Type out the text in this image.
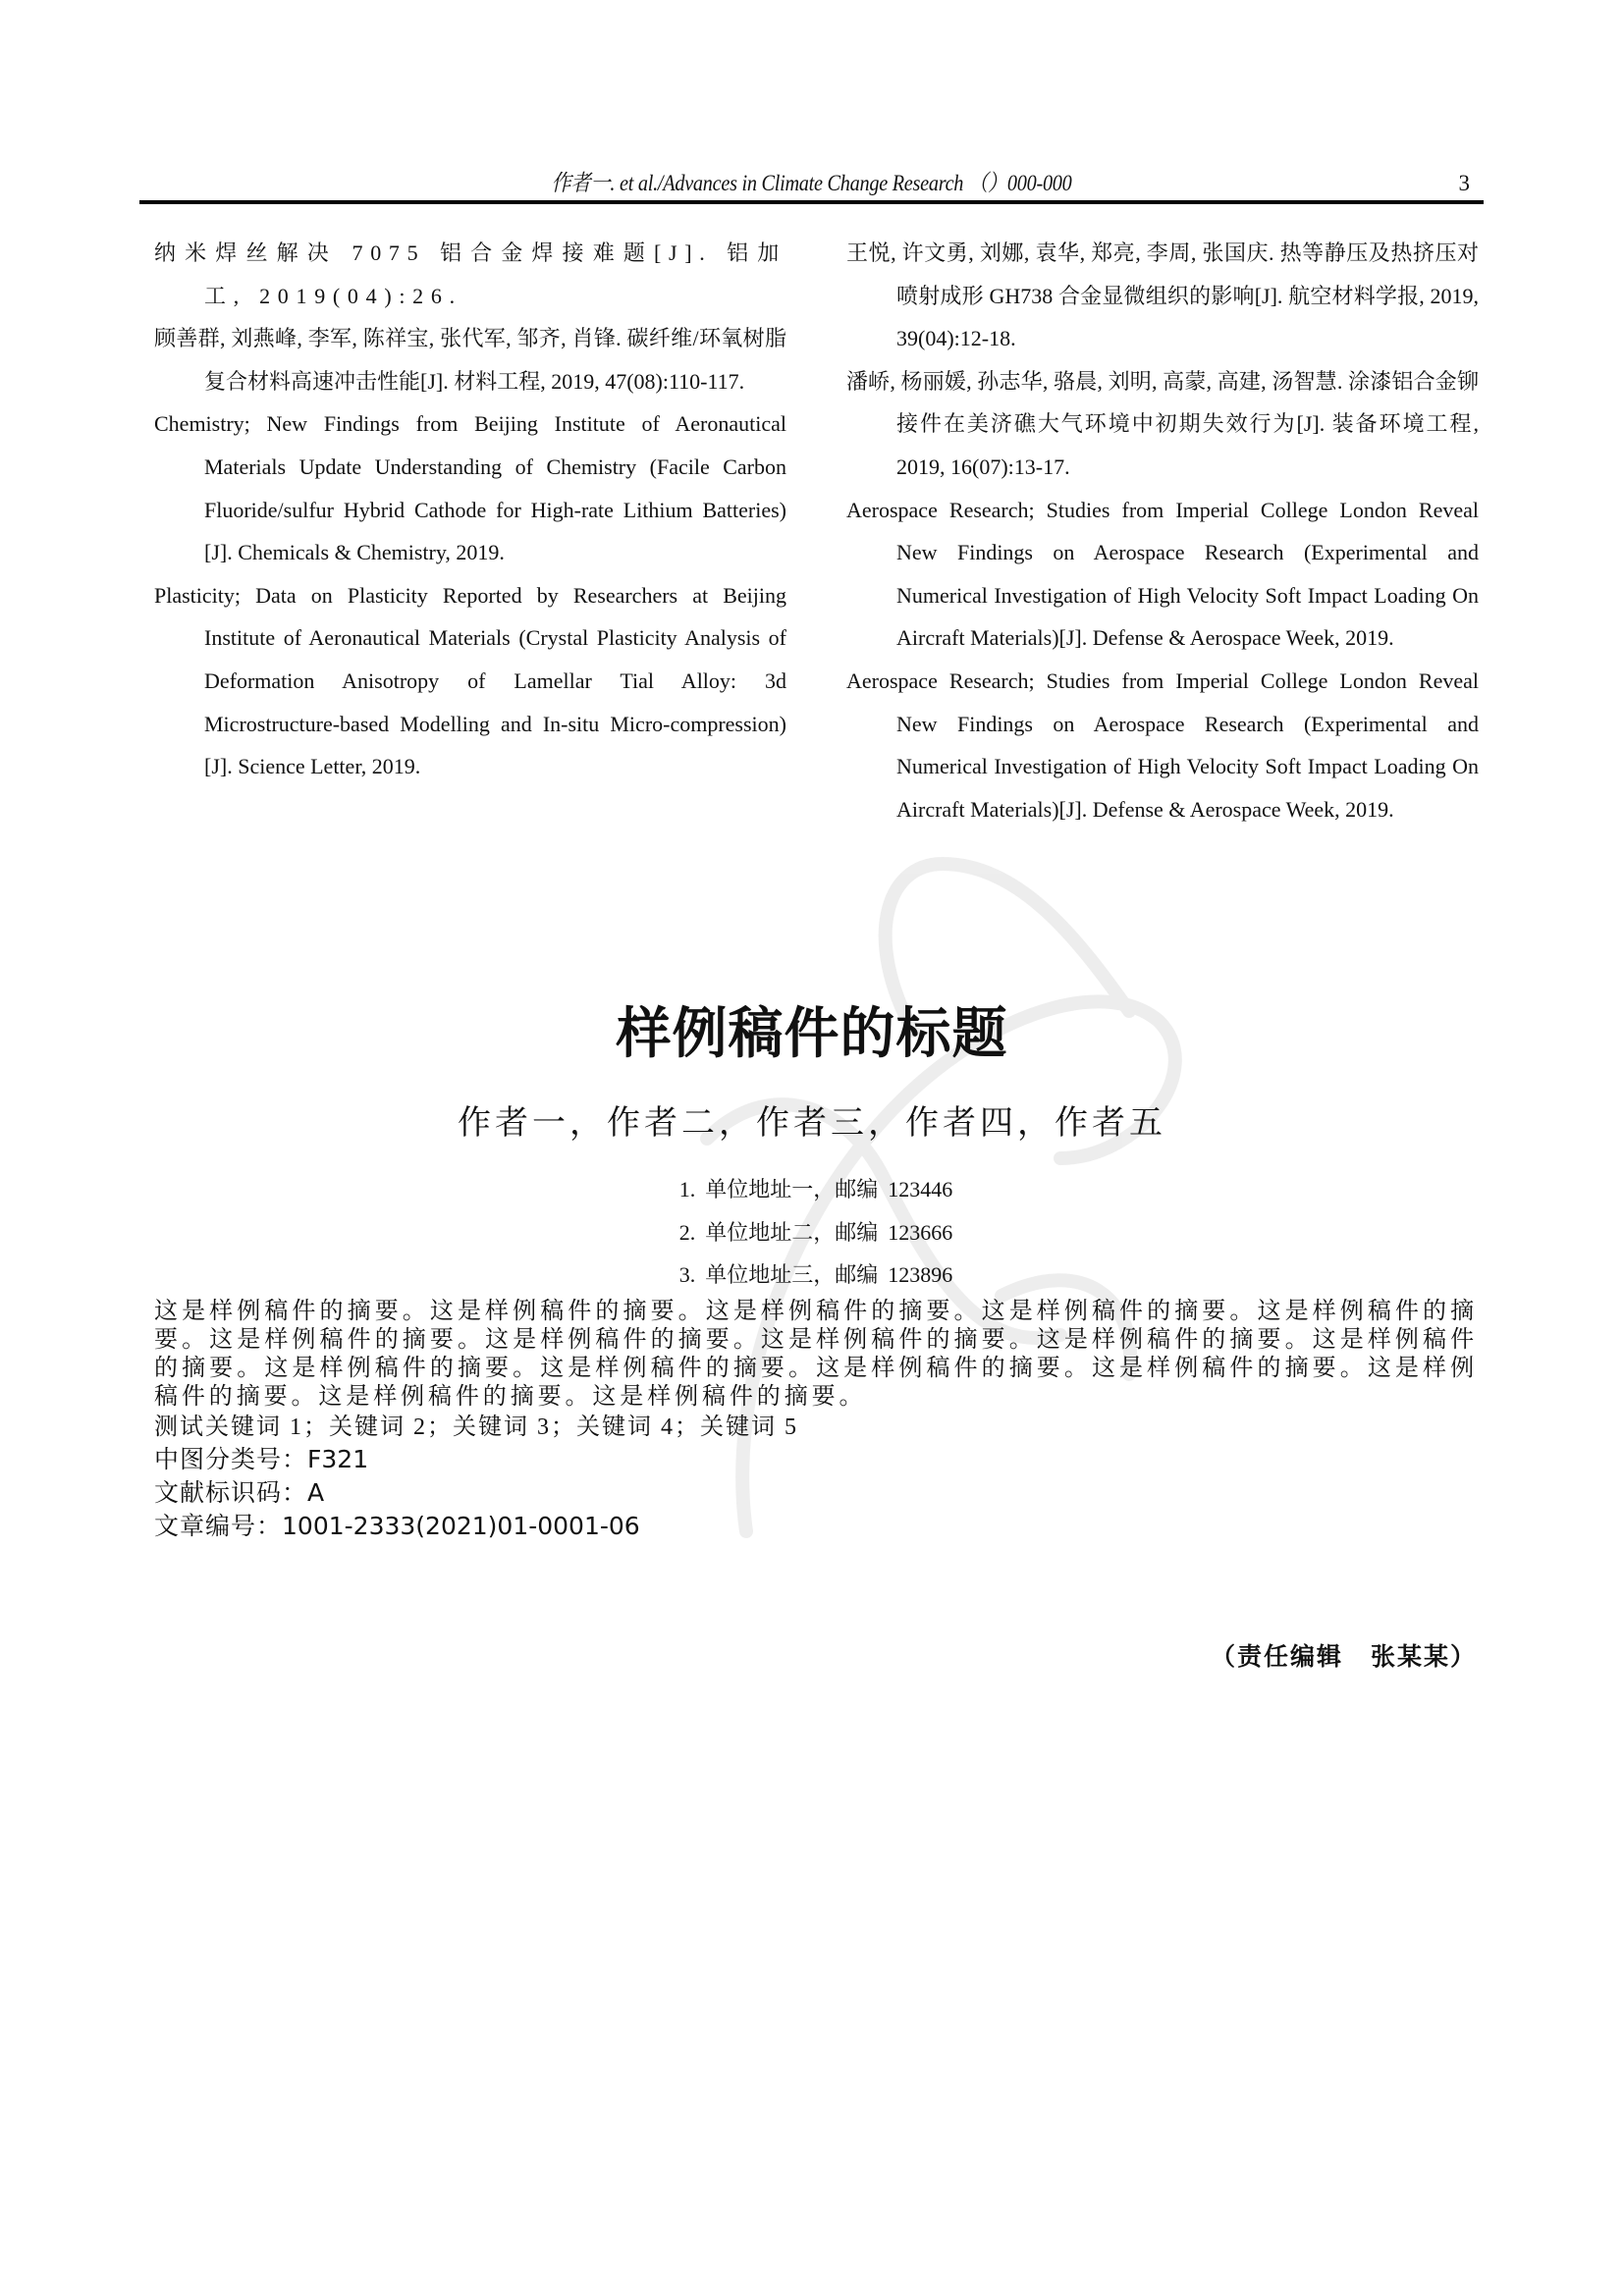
作者一. et al./Advances in Climate Change Research （）000-000	3

纳米焊丝解决 7075 铝合金焊接难题[J]. 铝加工, 2019(04):26.

顾善群, 刘燕峰, 李军, 陈祥宝, 张代军, 邹齐, 肖锋. 碳纤维/环氧树脂复合材料高速冲击性能[J]. 材料工程, 2019, 47(08):110-117.

Chemistry; New Findings from Beijing Institute of Aeronautical Materials Update Understanding of Chemistry (Facile Carbon Fluoride/sulfur Hybrid Cathode for High-rate Lithium Batteries)[J]. Chemicals & Chemistry, 2019.

Plasticity; Data on Plasticity Reported by Researchers at Beijing Institute of Aeronautical Materials (Crystal Plasticity Analysis of Deformation Anisotropy of Lamellar Tial Alloy: 3d Microstructure-based Modelling and In-situ Micro-compression)[J]. Science Letter, 2019.

王悦, 许文勇, 刘娜, 袁华, 郑亮, 李周, 张国庆. 热等静压及热挤压对喷射成形 GH738 合金显微组织的影响[J]. 航空材料学报, 2019, 39(04):12-18.

潘峤, 杨丽媛, 孙志华, 骆晨, 刘明, 高蒙, 高建, 汤智慧. 涂漆铝合金铆接件在美济礁大气环境中初期失效行为[J]. 装备环境工程, 2019, 16(07):13-17.

Aerospace Research; Studies from Imperial College London Reveal New Findings on Aerospace Research (Experimental and Numerical Investigation of High Velocity Soft Impact Loading On Aircraft Materials)[J]. Defense & Aerospace Week, 2019.

Aerospace Research; Studies from Imperial College London Reveal New Findings on Aerospace Research (Experimental and Numerical Investigation of High Velocity Soft Impact Loading On Aircraft Materials)[J]. Defense & Aerospace Week, 2019.

样例稿件的标题
作者一，作者二，作者三，作者四，作者五
1. 单位地址一，邮编 123446
2. 单位地址二，邮编 123666
3. 单位地址三，邮编 123896

这是样例稿件的摘要。这是样例稿件的摘要。这是样例稿件的摘要。这是样例稿件的摘要。这是样例稿件的摘要。这是样例稿件的摘要。这是样例稿件的摘要。这是样例稿件的摘要。这是样例稿件的摘要。这是样例稿件的摘要。这是样例稿件的摘要。这是样例稿件的摘要。这是样例稿件的摘要。这是样例稿件的摘要。这是样例稿件的摘要。这是样例稿件的摘要。这是样例稿件的摘要。

测试关键词 1；关键词 2；关键词 3；关键词 4；关键词 5
中图分类号：F321
文献标识码：A
文章编号：1001-2333(2021)01-0001-06
（责任编辑 张某某）
